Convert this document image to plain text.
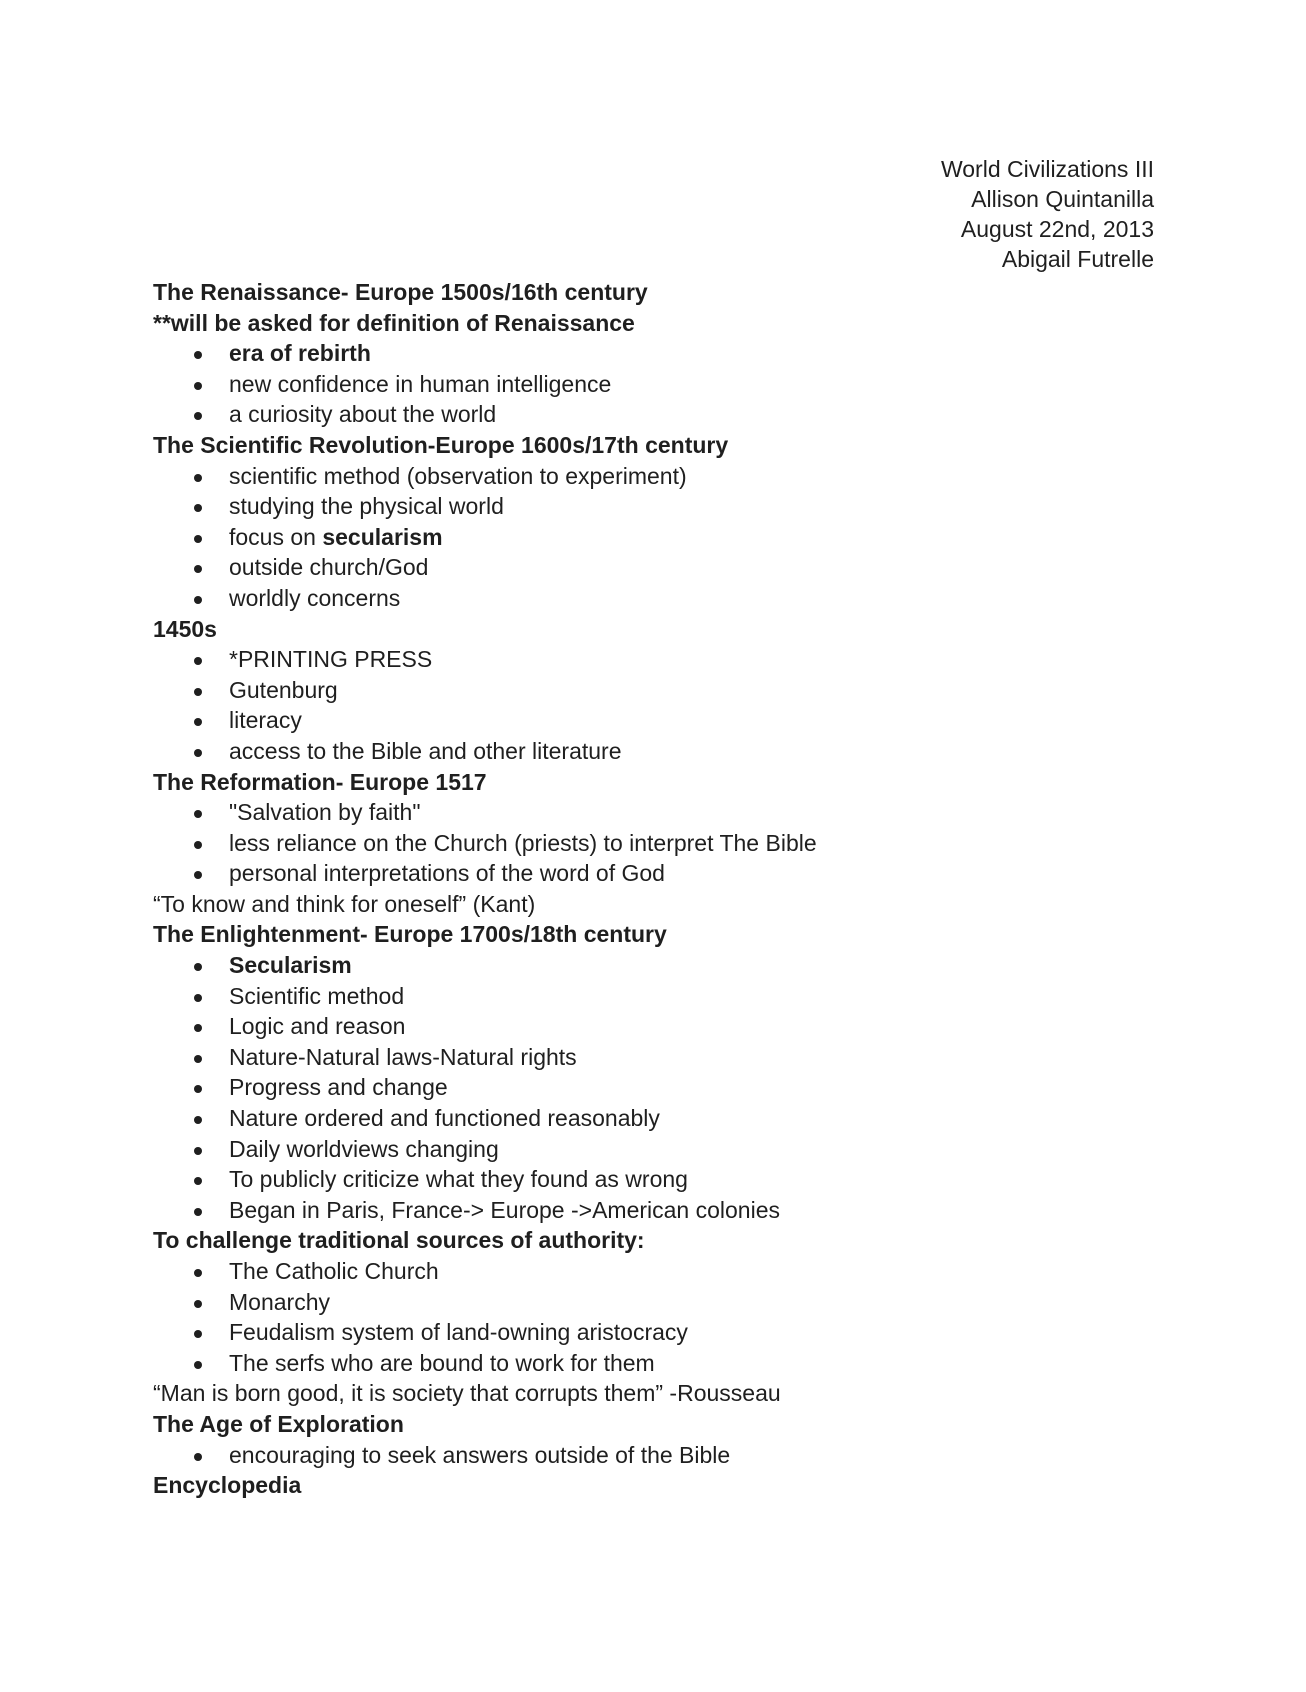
World Civilizations III
Allison Quintanilla
August 22nd, 2013
Abigail Futrelle
The Renaissance- Europe 1500s/16th century
**will be asked for definition of Renaissance
era of rebirth
new confidence in human intelligence
a curiosity about the world
The Scientific Revolution-Europe 1600s/17th century
scientific method (observation to experiment)
studying the physical world
focus on secularism
outside church/God
worldly concerns
1450s
*PRINTING PRESS
Gutenburg
literacy
access to the Bible and other literature
The Reformation- Europe 1517
"Salvation by faith"
less reliance on the Church (priests) to interpret The Bible
personal interpretations of the word of God
“To know and think for oneself” (Kant)
The Enlightenment- Europe 1700s/18th century
Secularism
Scientific method
Logic and reason
Nature-Natural laws-Natural rights
Progress and change
Nature ordered and functioned reasonably
Daily worldviews changing
To publicly criticize what they found as wrong
Began in Paris, France-> Europe ->American colonies
To challenge traditional sources of authority:
The Catholic Church
Monarchy
Feudalism system of land-owning aristocracy
The serfs who are bound to work for them
“Man is born good, it is society that corrupts them” -Rousseau
The Age of Exploration
encouraging to seek answers outside of the Bible
Encyclopedia
